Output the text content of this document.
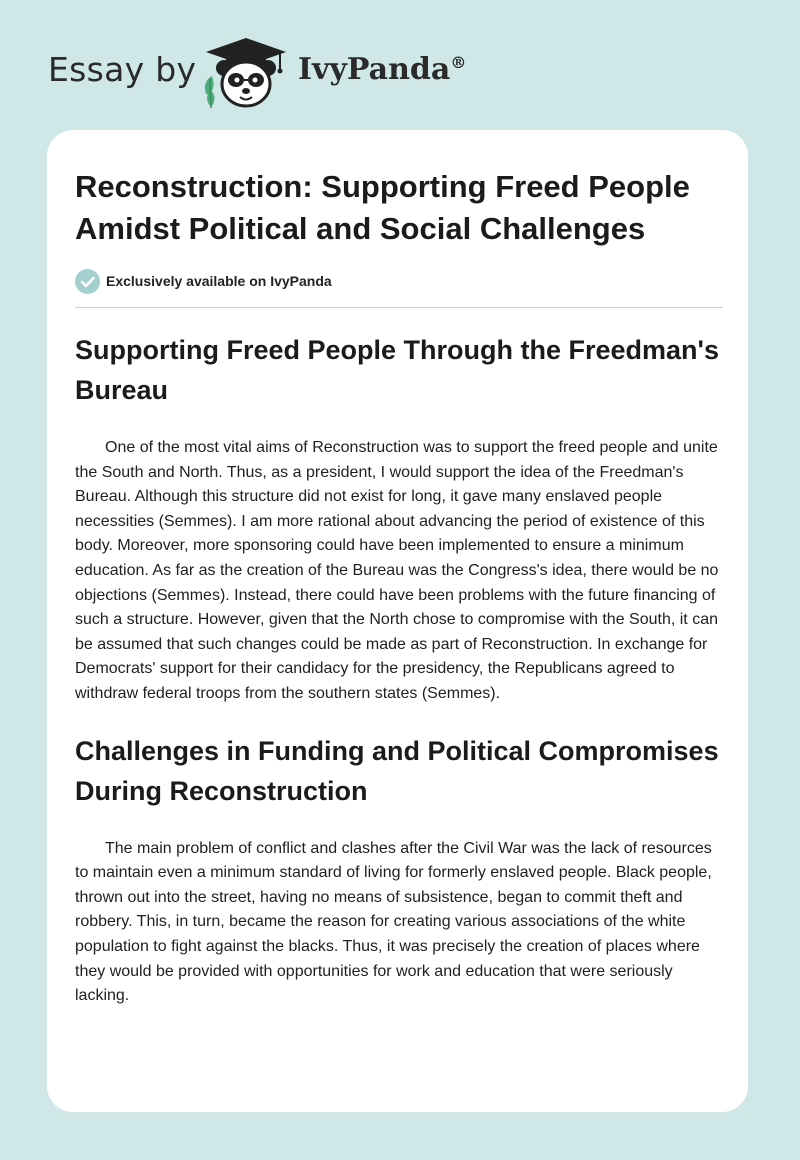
Essay by	IvyPanda®
Reconstruction: Supporting Freed People Amidst Political and Social Challenges
Exclusively available on IvyPanda
Supporting Freed People Through the Freedman's Bureau

One of the most vital aims of Reconstruction was to support the freed people and unite the South and North. Thus, as a president, I would support the idea of the Freedman's Bureau. Although this structure did not exist for long, it gave many enslaved people necessities (Semmes). I am more rational about advancing the period of existence of this body. Moreover, more sponsoring could have been implemented to ensure a minimum education. As far as the creation of the Bureau was the Congress's idea, there would be no objections (Semmes). Instead, there could have been problems with the future financing of such a structure. However, given that the North chose to compromise with the South, it can be assumed that such changes could be made as part of Reconstruction. In exchange for Democrats' support for their candidacy for the presidency, the Republicans agreed to withdraw federal troops from the southern states (Semmes).

Challenges in Funding and Political Compromises During Reconstruction

The main problem of conflict and clashes after the Civil War was the lack of resources to maintain even a minimum standard of living for formerly enslaved people. Black people, thrown out into the street, having no means of subsistence, began to commit theft and robbery. This, in turn, became the reason for creating various associations of the white population to fight against the blacks. Thus, it was precisely the creation of places where they would be provided with opportunities for work and education that were seriously lacking.
